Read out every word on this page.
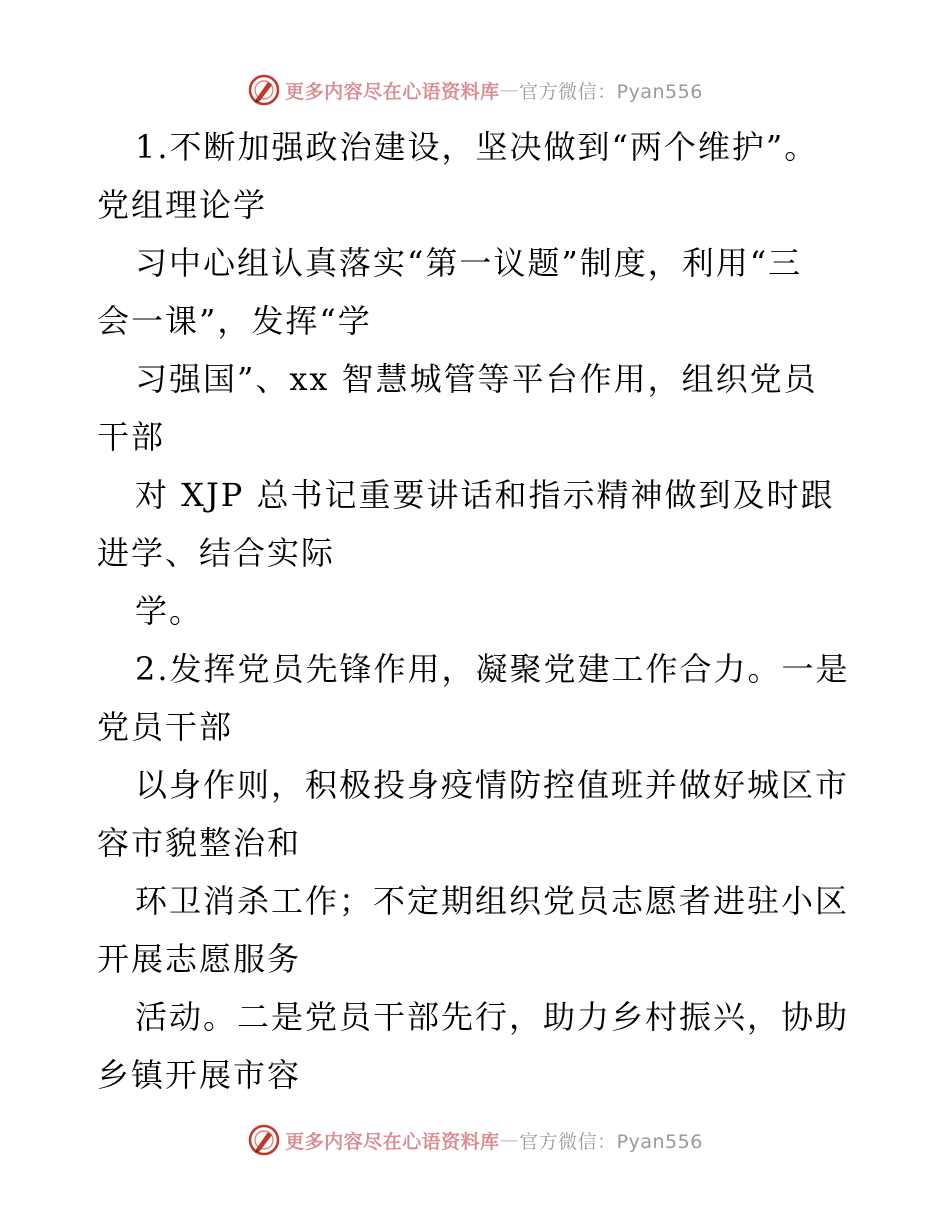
更多内容尽在心语资料库 — 官方微信：Pyan556
1.不断加强政治建设，坚决做到“两个维护”。
党组理论学
习中心组认真落实“第一议题”制度，利用“三
会一课”，发挥“学
习强国”、xx 智慧城管等平台作用，组织党员
干部
对 XJP 总书记重要讲话和指示精神做到及时跟
进学、结合实际
学。
2.发挥党员先锋作用，凝聚党建工作合力。一是
党员干部
以身作则，积极投身疫情防控值班并做好城区市
容市貌整治和
环卫消杀工作；不定期组织党员志愿者进驻小区
开展志愿服务
活动。二是党员干部先行，助力乡村振兴，协助
乡镇开展市容
更多内容尽在心语资料库 — 官方微信：Pyan556
